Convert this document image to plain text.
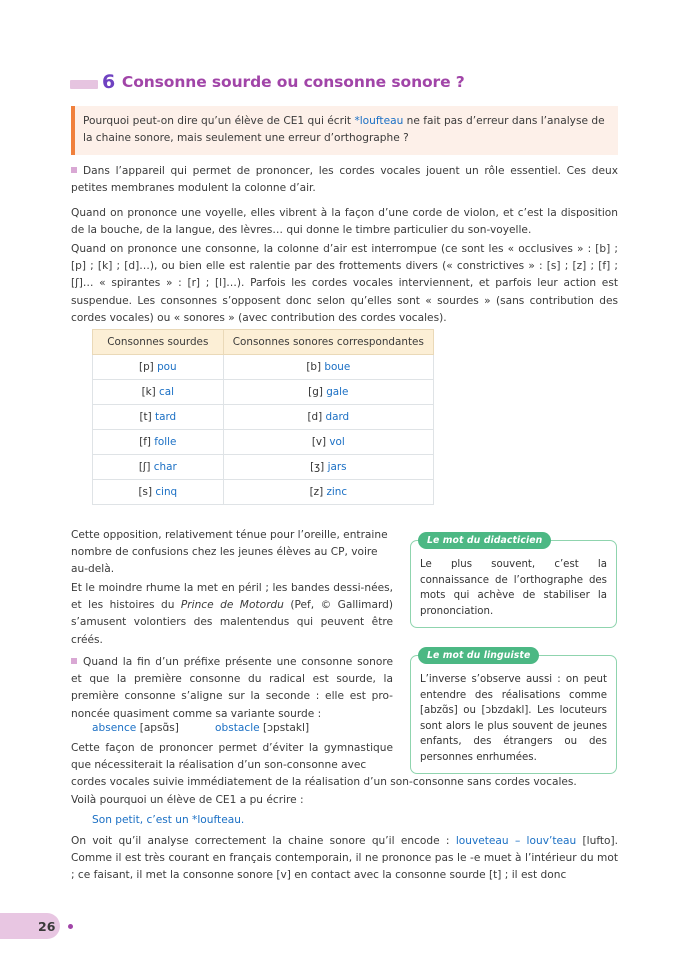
6 Consonne sourde ou consonne sonore ?
Pourquoi peut-on dire qu’un élève de CE1 qui écrit *loufteau ne fait pas d’erreur dans l’analyse de la chaine sonore, mais seulement une erreur d’orthographe ?
Dans l’appareil qui permet de prononcer, les cordes vocales jouent un rôle essentiel. Ces deux petites membranes modulent la colonne d’air.
Quand on prononce une voyelle, elles vibrent à la façon d’une corde de violon, et c’est la disposition de la bouche, de la langue, des lèvres… qui donne le timbre particulier du son-voyelle.
Quand on prononce une consonne, la colonne d’air est interrompue (ce sont les « occlusives » : [b] ; [p] ; [k] ; [d]…), ou bien elle est ralentie par des frottements divers (« constrictives » : [s] ; [z] ; [f] ; [ʃ]… « spirantes » : [r] ; [l]…). Parfois les cordes vocales interviennent, et parfois leur action est suspendue. Les consonnes s’opposent donc selon qu’elles sont « sourdes » (sans contribution des cordes vocales) ou « sonores » (avec contribution des cordes vocales).
Consonnes sourdes	Consonnes sonores correspondantes
[p] pou	[b] boue
[k] cal	[g] gale
[t] tard	[d] dard
[f] folle	[v] vol
[ʃ] char	[ʒ] jars
[s] cinq	[z] zinc
Cette opposition, relativement ténue pour l’oreille, entraine nombre de confusions chez les jeunes élèves au CP, voire au-delà.
Et le moindre rhume la met en péril ; les bandes dessi-nées, et les histoires du Prince de Motordu (Pef, © Gallimard) s’amusent volontiers des malentendus qui peuvent être créés.
Quand la fin d’un préfixe présente une consonne sonore et que la première consonne du radical est sourde, la première consonne s’aligne sur la seconde : elle est pro-noncée quasiment comme sa variante sourde :
absence [apsɑ̃s]	obstacle [ɔpstakl]
Cette façon de prononcer permet d’éviter la gymnastique que nécessiterait la réalisation d’un son-consonne avec
cordes vocales suivie immédiatement de la réalisation d’un son-consonne sans cordes vocales.
Voilà pourquoi un élève de CE1 a pu écrire :
Son petit, c’est un *loufteau.
On voit qu’il analyse correctement la chaine sonore qu’il encode : louveteau – louv’teau [lufto]. Comme il est très courant en français contemporain, il ne prononce pas le -e muet à l’intérieur du mot ; ce faisant, il met la consonne sonore [v] en contact avec la consonne sourde [t] ; il est donc
Le mot du didacticien
Le plus souvent, c’est la connaissance de l’orthographe des mots qui achève de stabiliser la prononciation.
Le mot du linguiste
L’inverse s’observe aussi : on peut entendre des réalisations comme [abzɑ̃s] ou [ɔbzdakl]. Les locuteurs sont alors le plus souvent de jeunes enfants, des étrangers ou des personnes enrhumées.
26
